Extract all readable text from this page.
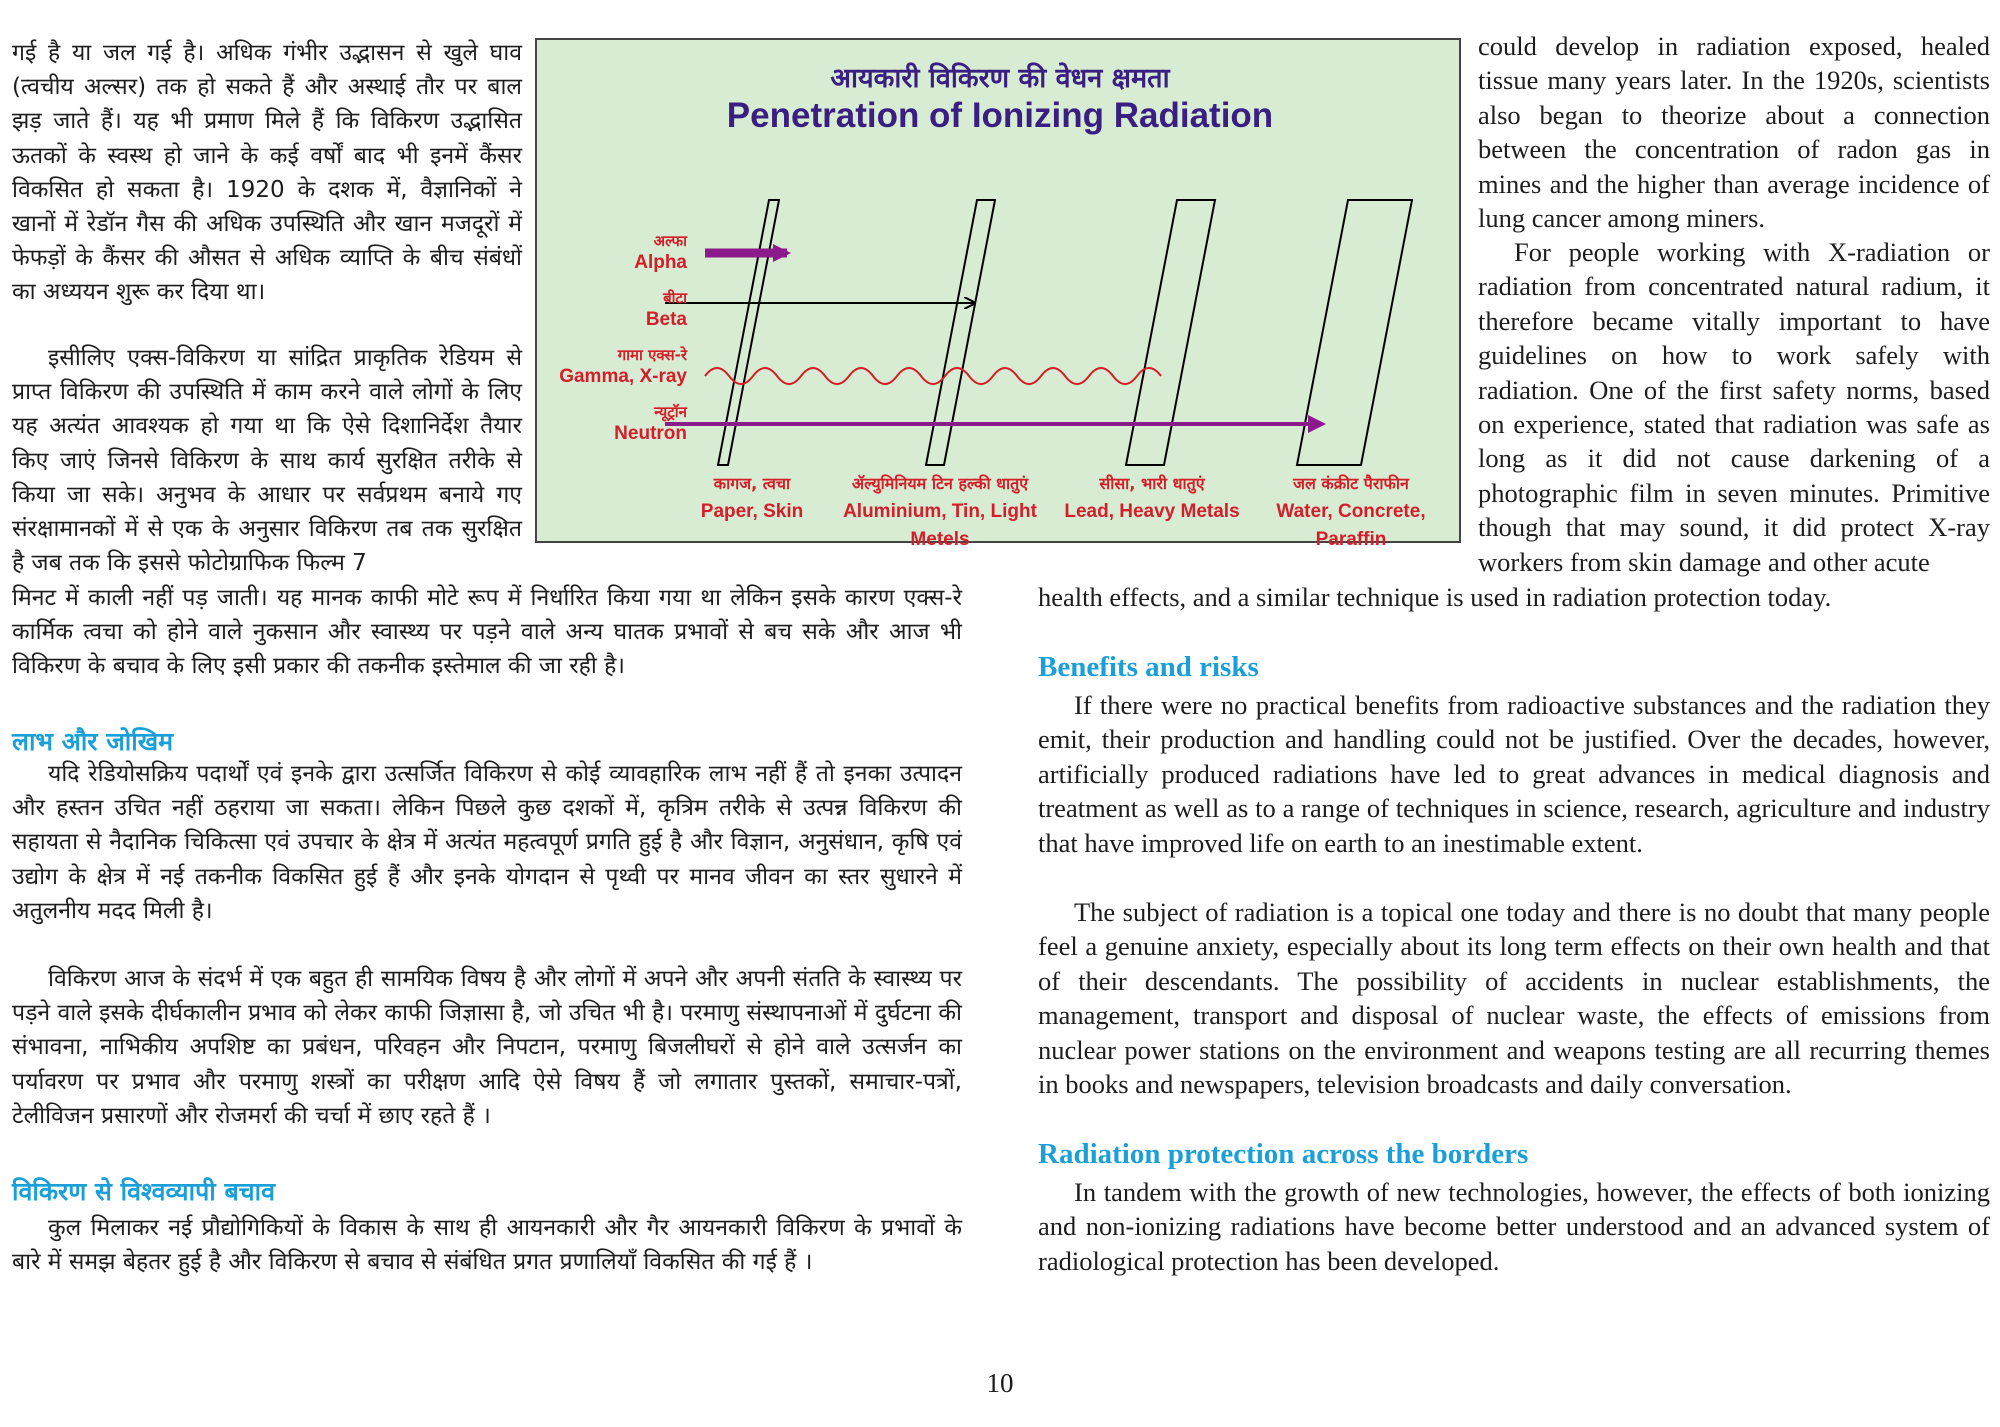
गई है या जल गई है। अधिक गंभीर उद्भासन से खुले घाव (त्वचीय अल्सर) तक हो सकते हैं और अस्थाई तौर पर बाल झड़ जाते हैं। यह भी प्रमाण मिले हैं कि विकिरण उद्भासित ऊतकों के स्वस्थ हो जाने के कई वर्षों बाद भी इनमें कैंसर विकसित हो सकता है। 1920 के दशक में, वैज्ञानिकों ने खानों में रेडॉन गैस की अधिक उपस्थिति और खान मजदूरों में फेफड़ों के कैंसर की औसत से अधिक व्याप्ति के बीच संबंधों का अध्ययन शुरू कर दिया था।

इसीलिए एक्स-विकिरण या सांद्रित प्राकृतिक रेडियम से प्राप्त विकिरण की उपस्थिति में काम करने वाले लोगों के लिए यह अत्यंत आवश्यक हो गया था कि ऐसे दिशानिर्देश तैयार किए जाएं जिनसे विकिरण के साथ कार्य सुरक्षित तरीके से किया जा सके। अनुभव के आधार पर सर्वप्रथम बनाये गए संरक्षामानकों में से एक के अनुसार विकिरण तब तक सुरक्षित है जब तक कि इससे फोटोग्राफिक फिल्म 7

मिनट में काली नहीं पड़ जाती। यह मानक काफी मोटे रूप में निर्धारित किया गया था लेकिन इसके कारण एक्स-रे कार्मिक त्वचा को होने वाले नुकसान और स्वास्थ्य पर पड़ने वाले अन्य घातक प्रभावों से बच सके और आज भी विकिरण के बचाव के लिए इसी प्रकार की तकनीक इस्तेमाल की जा रही है।

लाभ और जोखिम

यदि रेडियोसक्रिय पदार्थों एवं इनके द्वारा उत्सर्जित विकिरण से कोई व्यावहारिक लाभ नहीं हैं तो इनका उत्पादन और हस्तन उचित नहीं ठहराया जा सकता। लेकिन पिछले कुछ दशकों में, कृत्रिम तरीके से उत्पन्न विकिरण की सहायता से नैदानिक चिकित्सा एवं उपचार के क्षेत्र में अत्यंत महत्वपूर्ण प्रगति हुई है और विज्ञान, अनुसंधान, कृषि एवं उद्योग के क्षेत्र में नई तकनीक विकसित हुई हैं और इनके योगदान से पृथ्वी पर मानव जीवन का स्तर सुधारने में अतुलनीय मदद मिली है।

विकिरण आज के संदर्भ में एक बहुत ही सामयिक विषय है और लोगों में अपने और अपनी संतति के स्वास्थ्य पर पड़ने वाले इसके दीर्घकालीन प्रभाव को लेकर काफी जिज्ञासा है, जो उचित भी है। परमाणु संस्थापनाओं में दुर्घटना की संभावना, नाभिकीय अपशिष्ट का प्रबंधन, परिवहन और निपटान, परमाणु बिजलीघरों से होने वाले उत्सर्जन का पर्यावरण पर प्रभाव और परमाणु शस्त्रों का परीक्षण आदि ऐसे विषय हैं जो लगातार पुस्तकों, समाचार-पत्रों, टेलीविजन प्रसारणों और रोजमर्रा की चर्चा में छाए रहते हैं ।

विकिरण से विश्वव्यापी बचाव

कुल मिलाकर नई प्रौद्योगिकियों के विकास के साथ ही आयनकारी और गैर आयनकारी विकिरण के प्रभावों के बारे में समझ बेहतर हुई है और विकिरण से बचाव से संबंधित प्रगत प्रणालियाँ विकसित की गई हैं ।

आयकारी विकिरण की वेधन क्षमता
Penetration of Ionizing Radiation
अल्फा
Alpha
बीटा
Beta
गामा एक्स-रे
Gamma, X-ray
न्यूट्रॉन
Neutron
कागज, त्वचा
Paper, Skin
ॲल्युमिनियम टिन हल्की धातुएं
Aluminium, Tin, Light Metels
सीसा, भारी धातुएं
Lead, Heavy Metals
जल कंक्रीट पैराफीन
Water, Concrete, Paraffin

could develop in radiation exposed, healed tissue many years later. In the 1920s, scientists also began to theorize about a connection between the concentration of radon gas in mines and the higher than average incidence of lung cancer among miners.

For people working with X-radiation or radiation from concentrated natural radium, it therefore became vitally important to have guidelines on how to work safely with radiation. One of the first safety norms, based on experience, stated that radiation was safe as long as it did not cause darkening of a photographic film in seven minutes. Primitive though that may sound, it did protect X-ray workers from skin damage and other acute

health effects, and a similar technique is used in radiation protection today.

Benefits and risks

If there were no practical benefits from radioactive substances and the radiation they emit, their production and handling could not be justified. Over the decades, however, artificially produced radiations have led to great advances in medical diagnosis and treatment as well as to a range of techniques in science, research, agriculture and industry that have improved life on earth to an inestimable extent.

The subject of radiation is a topical one today and there is no doubt that many people feel a genuine anxiety, especially about its long term effects on their own health and that of their descendants. The possibility of accidents in nuclear establishments, the management, transport and disposal of nuclear waste, the effects of emissions from nuclear power stations on the environment and weapons testing are all recurring themes in books and newspapers, television broadcasts and daily conversation.

Radiation protection across the borders

In tandem with the growth of new technologies, however, the effects of both ionizing and non-ionizing radiations have become better understood and an advanced system of radiological protection has been developed.

10
